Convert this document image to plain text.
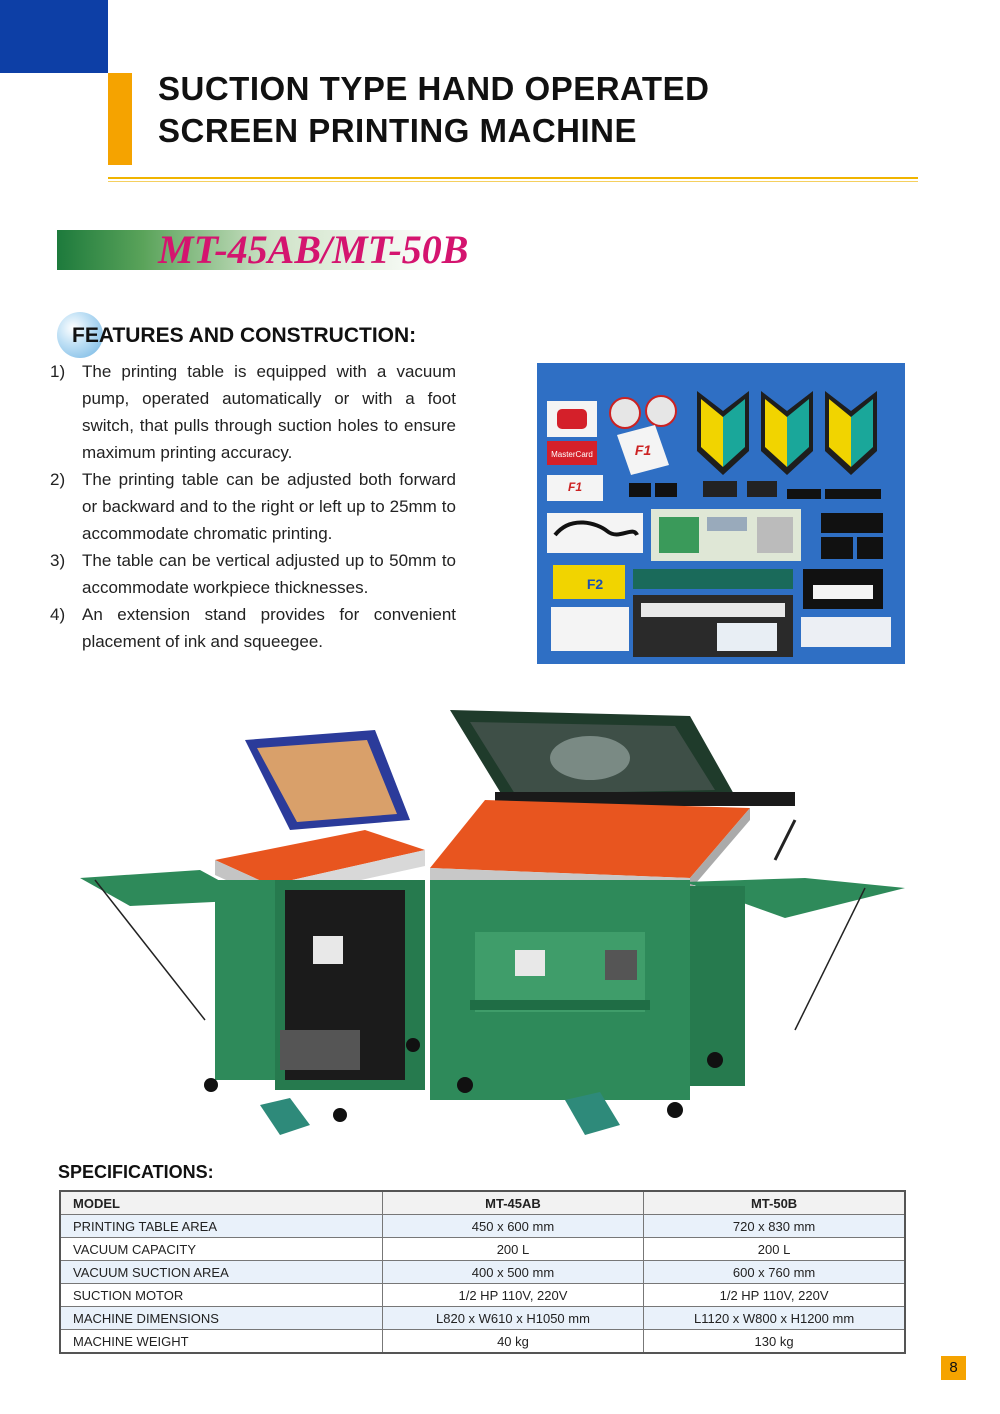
SUCTION TYPE HAND OPERATED
SCREEN PRINTING MACHINE
MT-45AB/MT-50B
FEATURES AND CONSTRUCTION:
1) The printing table is equipped with a vacuum pump, operated automatically or with a foot switch, that pulls through suction holes to ensure maximum printing accuracy.
2) The printing table can be adjusted both forward or backward and to the right or left up to 25mm to accommodate chromatic printing.
3) The table can be vertical adjusted up to 50mm to accommodate workpiece thicknesses.
4) An extension stand provides for convenient placement of ink and squeegee.
MasterCard	F1
F1
F2
SPECIFICATIONS:
MODEL	MT-45AB	MT-50B
PRINTING TABLE AREA	450 x 600 mm	720 x 830 mm
VACUUM CAPACITY	200 L	200 L
VACUUM SUCTION AREA	400 x 500 mm	600 x 760 mm
SUCTION MOTOR	1/2 HP 110V, 220V	1/2 HP 110V, 220V
MACHINE DIMENSIONS	L820 x W610 x H1050 mm	L1120 x W800 x H1200 mm
MACHINE WEIGHT	40 kg	130 kg
8
